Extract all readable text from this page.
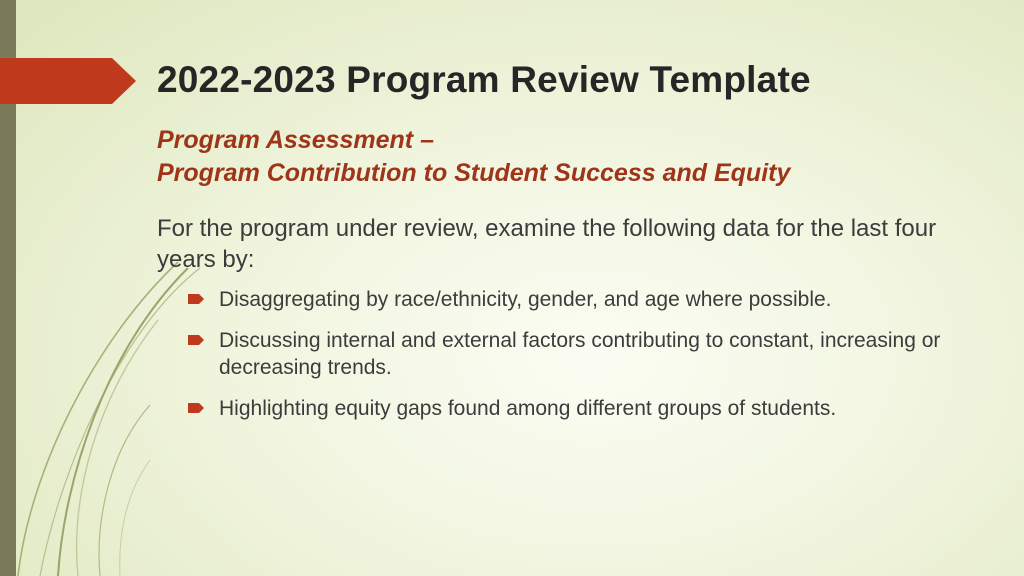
2022-2023 Program Review Template
Program Assessment –
Program Contribution to Student Success and Equity
For the program under review, examine the following data for the last four years by:
Disaggregating by race/ethnicity, gender, and age where possible.
Discussing internal and external factors contributing to constant, increasing or decreasing trends.
Highlighting equity gaps found among different groups of students.
